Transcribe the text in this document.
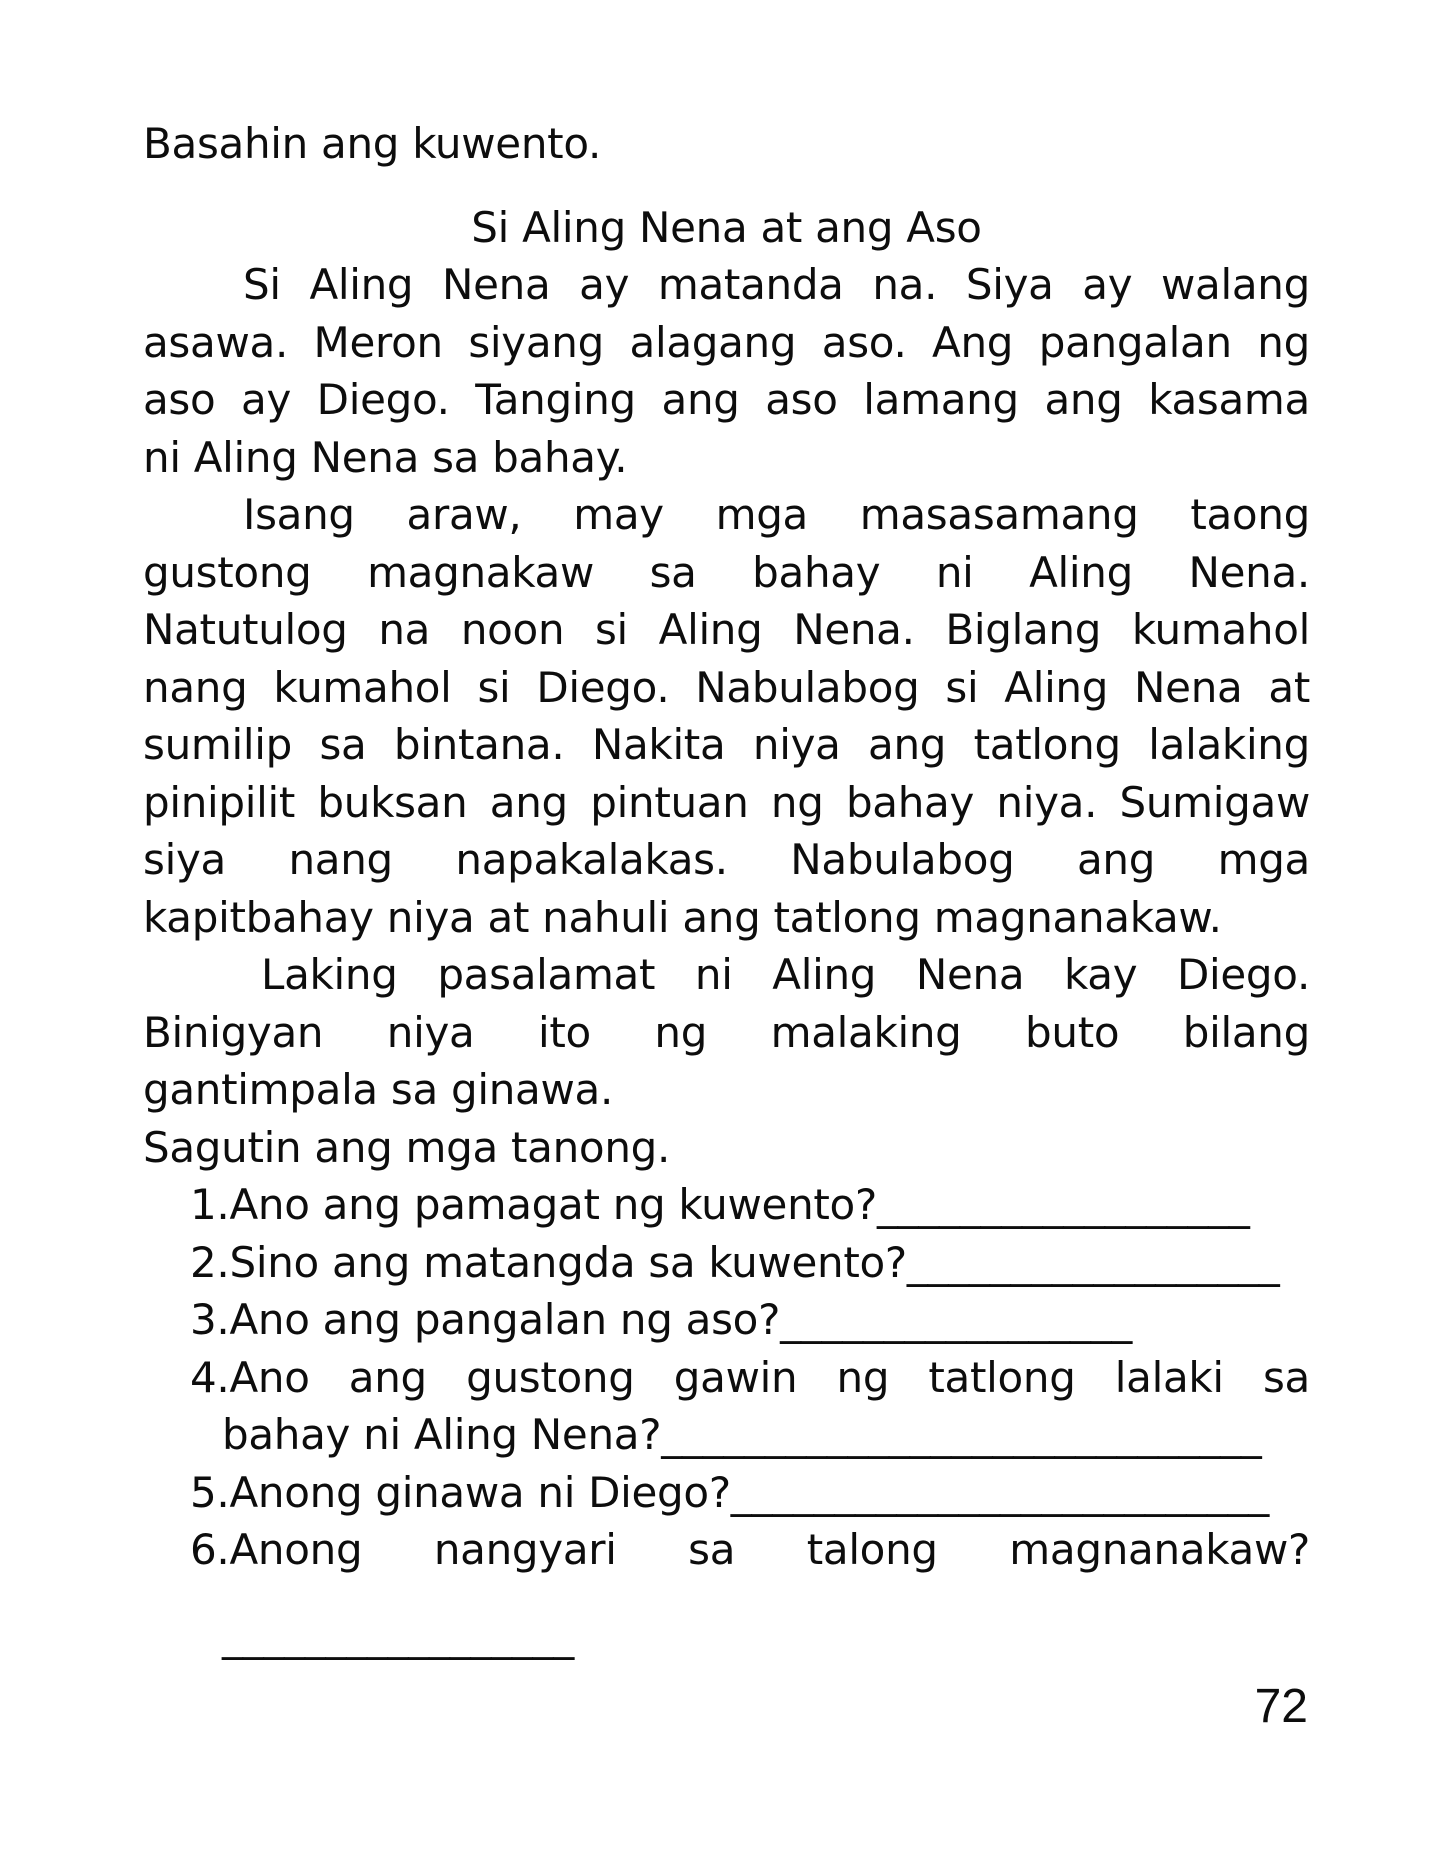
Basahin ang kuwento.
Si Aling Nena at ang Aso
Si Aling Nena ay matanda na. Siya ay walang
asawa. Meron siyang alagang aso. Ang pangalan ng
aso ay Diego. Tanging ang aso lamang ang kasama
ni Aling Nena sa bahay.
Isang araw, may mga masasamang taong
gustong magnakaw sa bahay ni Aling Nena.
Natutulog na noon si Aling Nena. Biglang kumahol
nang kumahol si Diego. Nabulabog si Aling Nena at
sumilip sa bintana. Nakita niya ang tatlong lalaking
pinipilit buksan ang pintuan ng bahay niya. Sumigaw
siya nang napakalakas. Nabulabog ang mga
kapitbahay niya at nahuli ang tatlong magnanakaw.
Laking pasalamat ni Aling Nena kay Diego.
Binigyan niya ito ng malaking buto bilang
gantimpala sa ginawa.
Sagutin ang mga tanong.
1.Ano ang pamagat ng kuwento?__________________
2.Sino ang matangda sa kuwento?__________________
3.Ano ang pangalan ng aso?_________________
4.Ano ang gustong gawin ng tatlong lalaki sa
bahay ni Aling Nena?_____________________________
5.Anong ginawa ni Diego?__________________________
6.Anong nangyari sa talong magnanakaw?
_________________
72
